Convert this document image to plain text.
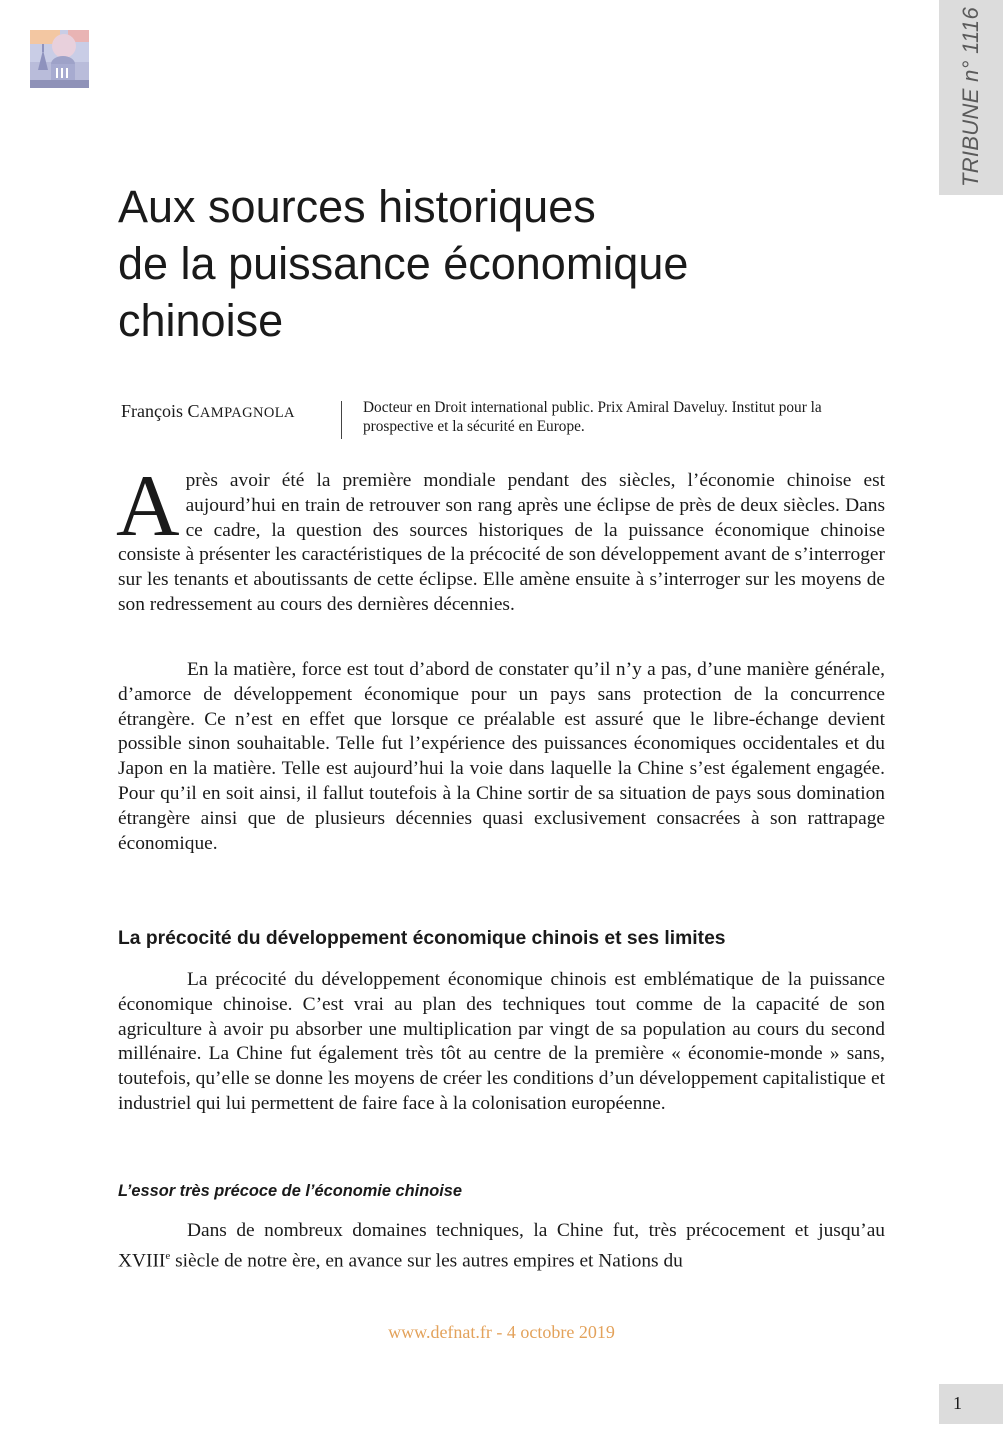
TRIBUNE n° 1116
Aux sources historiques
de la puissance économique
chinoise
François CAMPAGNOLA	Docteur en Droit international public. Prix Amiral Daveluy. Institut pour la prospective et la sécurité en Europe.

Après avoir été la première mondiale pendant des siècles, l’économie chinoise est aujourd’hui en train de retrouver son rang après une éclipse de près de deux siècles. Dans ce cadre, la question des sources historiques de la puissance économique chinoise consiste à présenter les caractéristiques de la précocité de son développement avant de s’interroger sur les tenants et aboutissants de cette éclipse. Elle amène ensuite à s’interroger sur les moyens de son redressement au cours des dernières décennies.

En la matière, force est tout d’abord de constater qu’il n’y a pas, d’une manière générale, d’amorce de développement économique pour un pays sans protection de la concurrence étrangère. Ce n’est en effet que lorsque ce préalable est assuré que le libre-échange devient possible sinon souhaitable. Telle fut l’expérience des puissances économiques occidentales et du Japon en la matière. Telle est aujourd’hui la voie dans laquelle la Chine s’est également engagée. Pour qu’il en soit ainsi, il fallut toutefois à la Chine sortir de sa situation de pays sous domination étrangère ainsi que de plusieurs décennies quasi exclusivement consacrées à son rattrapage économique.

La précocité du développement économique chinois et ses limites

La précocité du développement économique chinois est emblématique de la puissance économique chinoise. C’est vrai au plan des techniques tout comme de la capacité de son agriculture à avoir pu absorber une multiplication par vingt de sa population au cours du second millénaire. La Chine fut également très tôt au centre de la première « économie-monde » sans, toutefois, qu’elle se donne les moyens de créer les conditions d’un développement capitalistique et industriel qui lui permettent de faire face à la colonisation européenne.

L’essor très précoce de l’économie chinoise

Dans de nombreux domaines techniques, la Chine fut, très précocement et jusqu’au XVIIIe siècle de notre ère, en avance sur les autres empires et Nations du

www.defnat.fr - 4 octobre 2019
1
